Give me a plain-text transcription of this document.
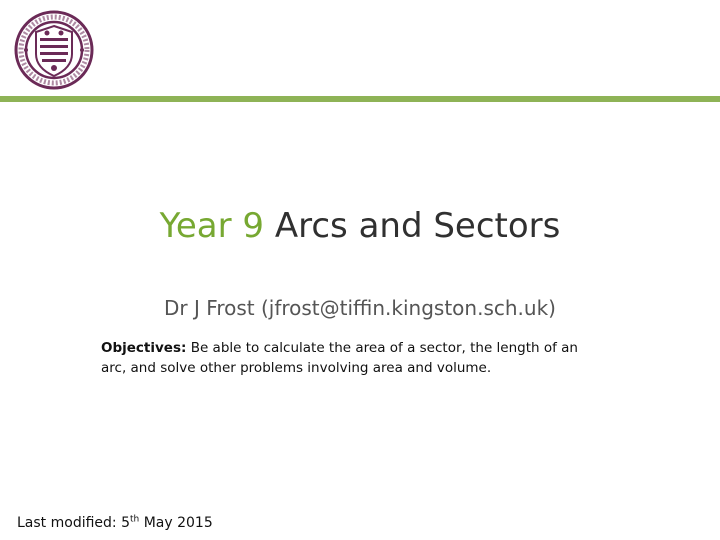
Year 9 Arcs and Sectors
Dr J Frost (jfrost@tiffin.kingston.sch.uk)
Objectives: Be able to calculate the area of a sector, the length of an arc, and solve other problems involving area and volume.
Last modified: 5th May 2015
